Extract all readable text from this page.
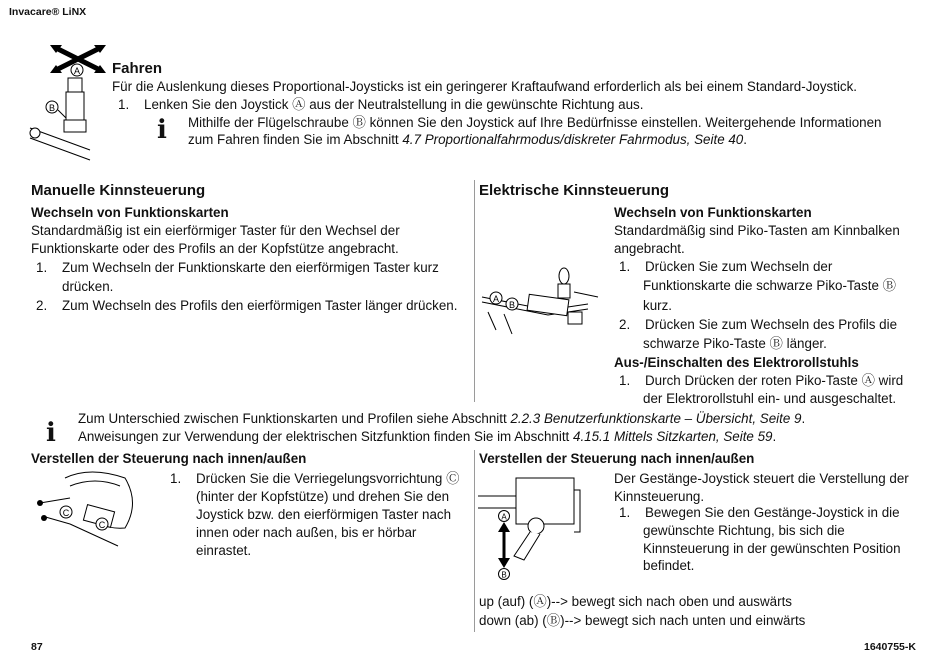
Invacare® LiNX
A
B
Fahren
Für die Auslenkung dieses Proportional-Joysticks ist ein geringerer Kraftaufwand erforderlich als bei einem Standard-Joystick.
1. Lenken Sie den Joystick Ⓐ aus der Neutralstellung in die gewünschte Richtung aus.
ℹ Mithilfe der Flügelschraube Ⓑ können Sie den Joystick auf Ihre Bedürfnisse einstellen. Weitergehende Informationen
zum Fahren finden Sie im Abschnitt 4.7 Proportionalfahrmodus/diskreter Fahrmodus, Seite 40.
Manuelle Kinnsteuerung
Wechseln von Funktionskarten
Standardmäßig ist ein eierförmiger Taster für den Wechsel der
Funktionskarte oder des Profils an der Kopfstütze angebracht.
1. Zum Wechseln der Funktionskarte den eierförmigen Taster kurz
drücken.
2. Zum Wechseln des Profils den eierförmigen Taster länger drücken.
Elektrische Kinnsteuerung
A
B
Wechseln von Funktionskarten
Standardmäßig sind Piko-Tasten am Kinnbalken
angebracht.
1. Drücken Sie zum Wechseln der
Funktionskarte die schwarze Piko-Taste Ⓑ
kurz.
2. Drücken Sie zum Wechseln des Profils die
schwarze Piko-Taste Ⓑ länger.
Aus-/Einschalten des Elektrorollstuhls
1. Durch Drücken der roten Piko-Taste Ⓐ wird
der Elektrorollstuhl ein- und ausgeschaltet.
ℹ Zum Unterschied zwischen Funktionskarten und Profilen siehe Abschnitt 2.2.3 Benutzerfunktionskarte – Übersicht, Seite 9.
Anweisungen zur Verwendung der elektrischen Sitzfunktion finden Sie im Abschnitt 4.15.1 Mittels Sitzkarten, Seite 59.
Verstellen der Steuerung nach innen/außen
C
C
1. Drücken Sie die Verriegelungsvorrichtung Ⓒ
(hinter der Kopfstütze) und drehen Sie den
Joystick bzw. den eierförmigen Taster nach
innen oder nach außen, bis er hörbar
einrastet.
Verstellen der Steuerung nach innen/außen
A
B
Der Gestänge-Joystick steuert die Verstellung der
Kinnsteuerung.
1. Bewegen Sie den Gestänge-Joystick in die
gewünschte Richtung, bis sich die
Kinnsteuerung in der gewünschten Position
befindet.
up (auf) (Ⓐ)--> bewegt sich nach oben und auswärts
down (ab) (Ⓑ)--> bewegt sich nach unten und einwärts
87	1640755-K
